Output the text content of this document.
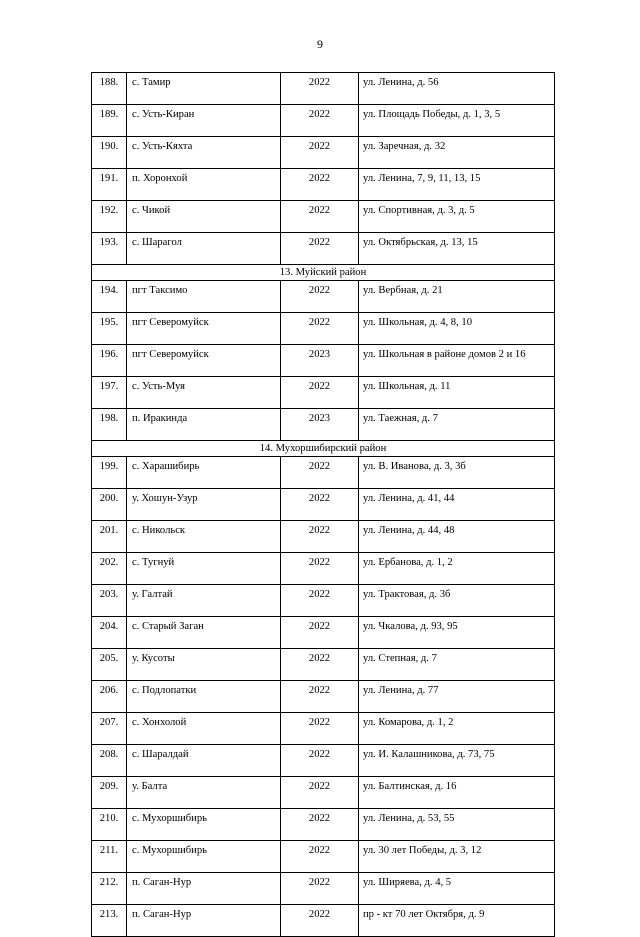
9
188.	с. Тамир	2022	ул. Ленина, д. 56
189.	с. Усть-Киран	2022	ул. Площадь Победы, д. 1, 3, 5
190.	с. Усть-Кяхта	2022	ул. Заречная, д. 32
191.	п. Хоронхой	2022	ул. Ленина, 7, 9, 11, 13, 15
192.	с. Чикой	2022	ул. Спортивная, д. 3, д. 5
193.	с. Шарагол	2022	ул. Октябрьская, д. 13, 15
13. Муйский район			
194.	пгт Таксимо	2022	ул. Вербная, д. 21
195.	пгт Северомуйск	2022	ул. Школьная, д. 4, 8, 10
196.	пгт Северомуйск	2023	ул. Школьная в районе домов 2 и 16
197.	с. Усть-Муя	2022	ул. Школьная, д. 11
198.	п. Иракинда	2023	ул. Таежная, д. 7
14. Мухоршибирский район			
199.	с. Харашибирь	2022	ул. В. Иванова, д. 3, 3б
200.	у. Хошун-Узур	2022	ул. Ленина, д. 41, 44
201.	с. Никольск	2022	ул. Ленина, д. 44, 48
202.	с. Тугнуй	2022	ул. Ербанова, д. 1, 2
203.	у. Галтай	2022	ул. Трактовая, д. 3б
204.	с. Старый Заган	2022	ул. Чкалова, д. 93, 95
205.	у. Кусоты	2022	ул. Степная, д. 7
206.	с. Подлопатки	2022	ул. Ленина, д. 77
207.	с. Хонхолой	2022	ул. Комарова, д. 1, 2
208.	с. Шаралдай	2022	ул. И. Калашникова, д. 73, 75
209.	у. Балта	2022	ул. Балтинская, д. 16
210.	с. Мухоршибирь	2022	ул. Ленина, д. 53, 55
211.	с. Мухоршибирь	2022	ул. 30 лет Победы, д. 3, 12
212.	п. Саган-Нур	2022	ул. Ширяева, д. 4, 5
213.	п. Саган-Нур	2022	пр - кт 70 лет Октября, д. 9
